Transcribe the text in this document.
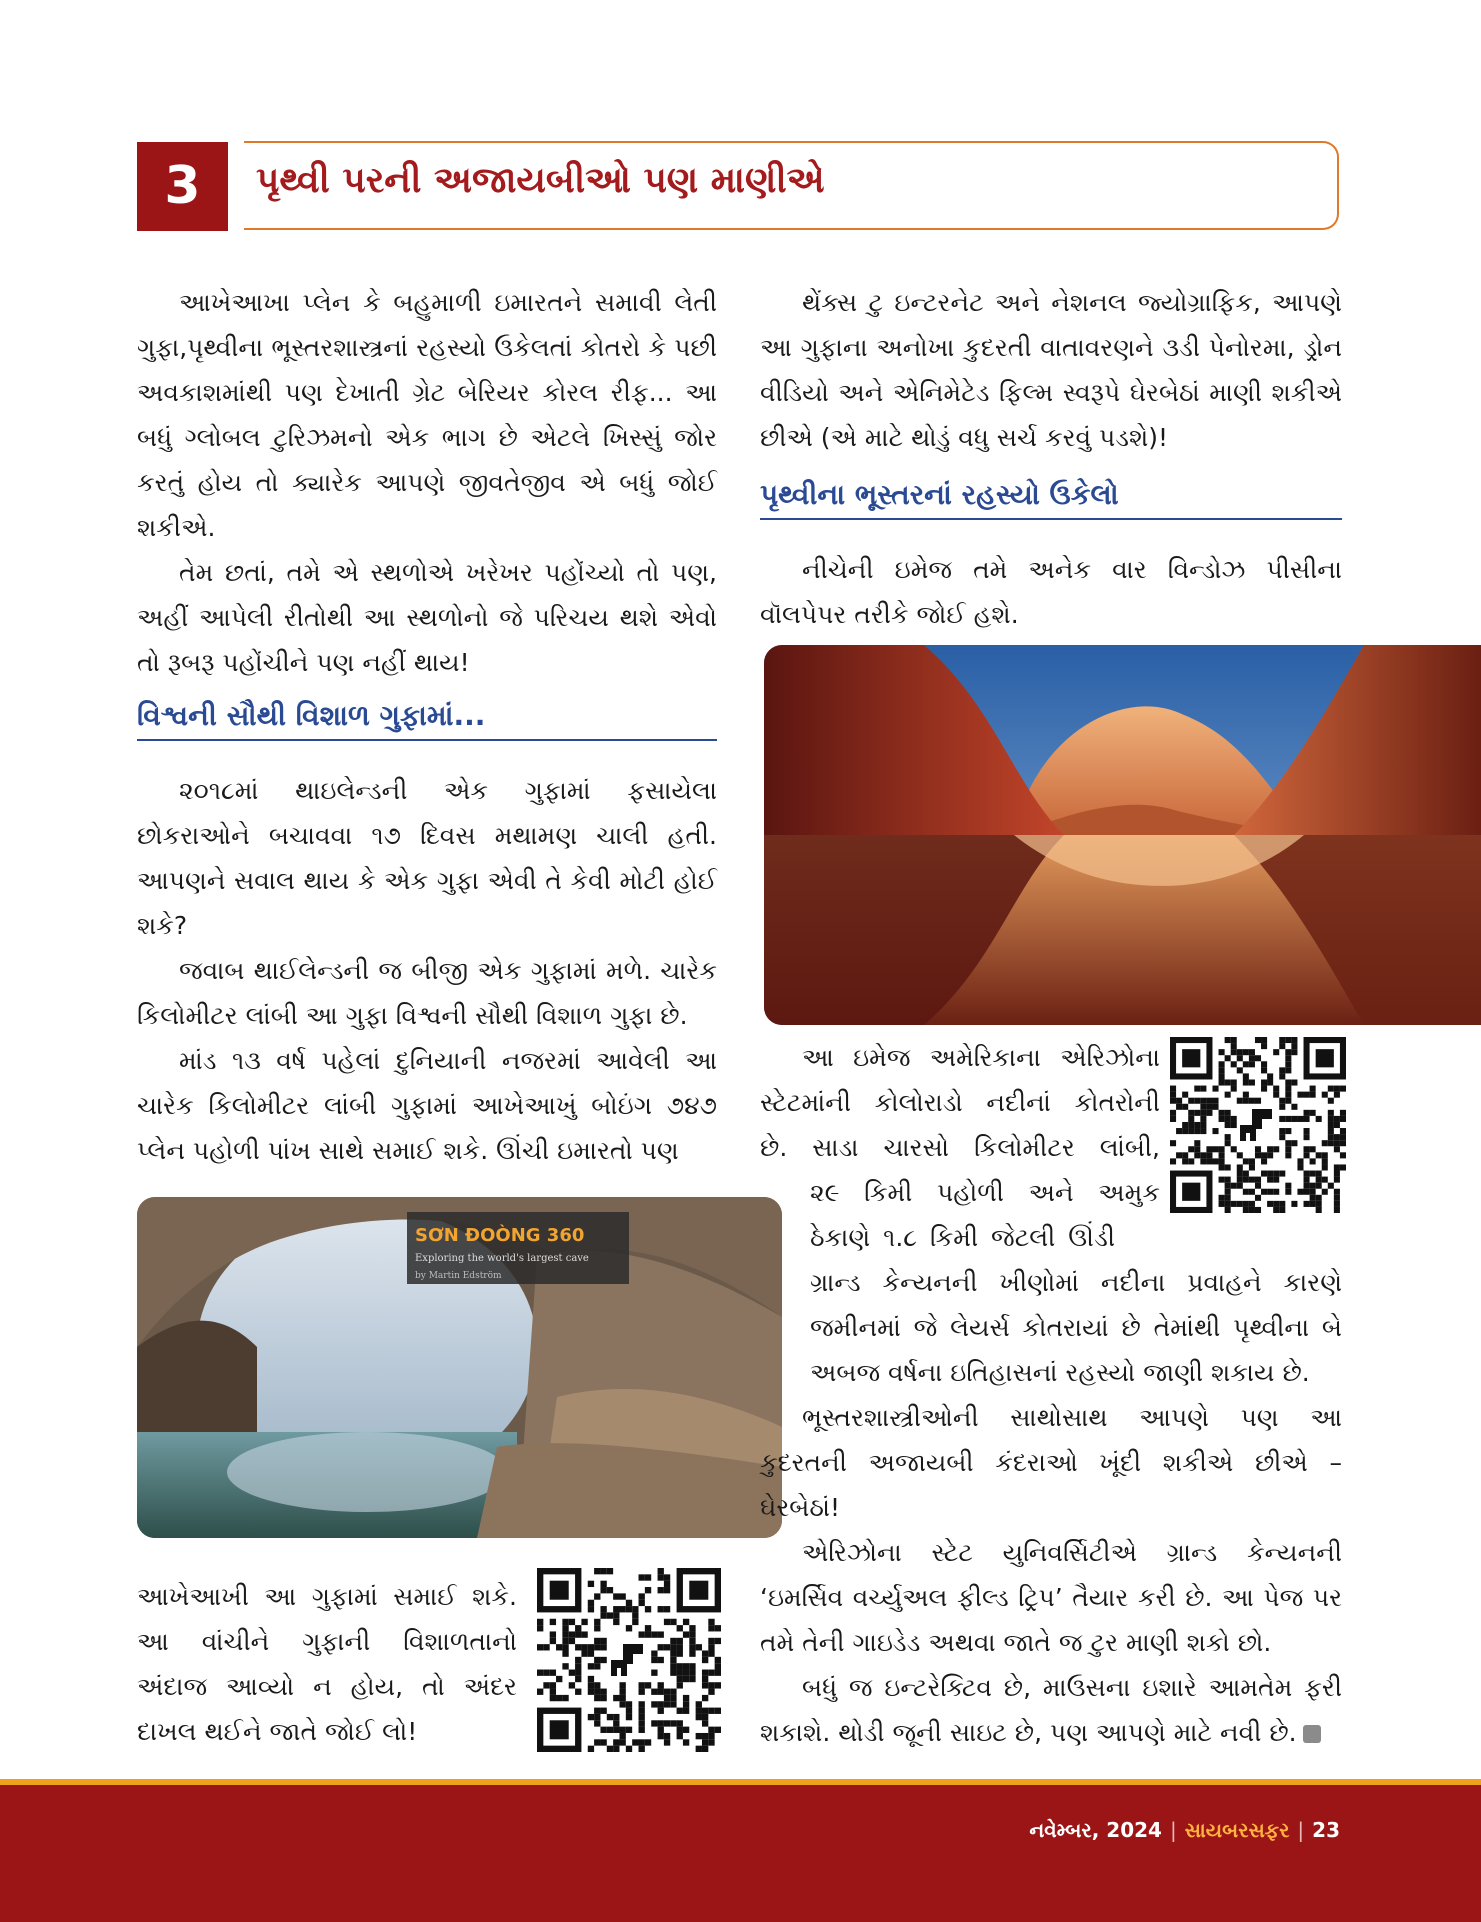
3	પૃથ્વી પરની અજાયબીઓ પણ માણીએ

આખેઆખા પ્લેન કે બહુમાળી ઇમારતને સમાવી લેતી ગુફા,પૃથ્વીના ભૂસ્તરશાસ્ત્રનાં રહસ્યો ઉકેલતાં કોતરો કે પછી અવકાશમાંથી પણ દેખાતી ગ્રેટ બેરિયર કોરલ રીફ... આ બધું ગ્લોબલ ટુરિઝમનો એક ભાગ છે એટલે ખિસ્સું જોર કરતું હોય તો ક્યારેક આપણે જીવતેજીવ એ બધું જોઈ શકીએ.

તેમ છતાં, તમે એ સ્થળોએ ખરેખર પહોંચ્યો તો પણ, અહીં આપેલી રીતોથી આ સ્થળોનો જે પરિચય થશે એવો તો રૂબરૂ પહોંચીને પણ નહીં થાય!

વિશ્વની સૌથી વિશાળ ગુફામાં...

૨૦૧૮માં થાઇલેન્ડની એક ગુફામાં ફસાયેલા છોકરાઓને બચાવવા ૧૭ દિવસ મથામણ ચાલી હતી. આપણને સવાલ થાય કે એક ગુફા એવી તે કેવી મોટી હોઈ શકે?

જવાબ થાઈલેન્ડની જ બીજી એક ગુફામાં મળે. ચારેક કિલોમીટર લાંબી આ ગુફા વિશ્વની સૌથી વિશાળ ગુફા છે.

માંડ ૧૩ વર્ષ પહેલાં દુનિયાની નજરમાં આવેલી આ ચારેક કિલોમીટર લાંબી ગુફામાં આખેઆખું બોઇંગ ૭૪૭ પ્લેન પહોળી પાંખ સાથે સમાઈ શકે. ઊંચી ઇમારતો પણ

SƠN ĐOÒNG 360
Exploring the world's largest cave
by Martin Edström

આખેઆખી આ ગુફામાં સમાઈ શકે. આ વાંચીને ગુફાની વિશાળતાનો અંદાજ આવ્યો ન હોય, તો અંદર દાખલ થઈને જાતે જોઈ લો!

થેંક્સ ટુ ઇન્ટરનેટ અને નેશનલ જ્યોગ્રાફિક, આપણે આ ગુફાના અનોખા કુદરતી વાતાવરણને ૩ડી પેનોરમા, ડ્રોન વીડિયો અને એનિમેટેડ ફિલ્મ સ્વરૂપે ઘેરબેઠાં માણી શકીએ છીએ (એ માટે થોડું વધુ સર્ચ કરવું પડશે)!

પૃથ્વીના ભૂસ્તરનાં રહસ્યો ઉકેલો

નીચેની ઇમેજ તમે અનેક વાર વિન્ડોઝ પીસીના વૉલપેપર તરીકે જોઈ હશે.

આ ઇમેજ અમેરિકાના એરિઝોના
સ્ટેટમાંની કોલોરાડો નદીનાં કોતરોની
છે. સાડા ચારસો કિલોમીટર લાંબી,
૨૯ કિમી પહોળી અને અમુક
ઠેકાણે ૧.૮ કિમી જેટલી ઊંડી

ગ્રાન્ડ કેન્યનની ખીણોમાં નદીના પ્રવાહને કારણે જમીનમાં જે લેયર્સ કોતરાયાં છે તેમાંથી પૃથ્વીના બે અબજ વર્ષના ઇતિહાસનાં રહસ્યો જાણી શકાય છે.

ભૂસ્તરશાસ્ત્રીઓની સાથોસાથ આપણે પણ આ કુદરતની અજાયબી કંદરાઓ ખૂંદી શકીએ છીએ – ઘેરબેઠાં!

એરિઝોના સ્ટેટ યુનિવર્સિટીએ ગ્રાન્ડ કેન્યનની ‘ઇમર્સિવ વર્ચ્યુઅલ ફીલ્ડ ટ્રિપ’ તૈયાર કરી છે. આ પેજ પર તમે તેની ગાઇડેડ અથવા જાતે જ ટુર માણી શકો છો.

બધું જ ઇન્ટરેક્ટિવ છે, માઉસના ઇશારે આમતેમ ફરી શકાશે. થોડી જૂની સાઇટ છે, પણ આપણે માટે નવી છે.

નવેમ્બર, 2024 | સાયબરસફર | 23
